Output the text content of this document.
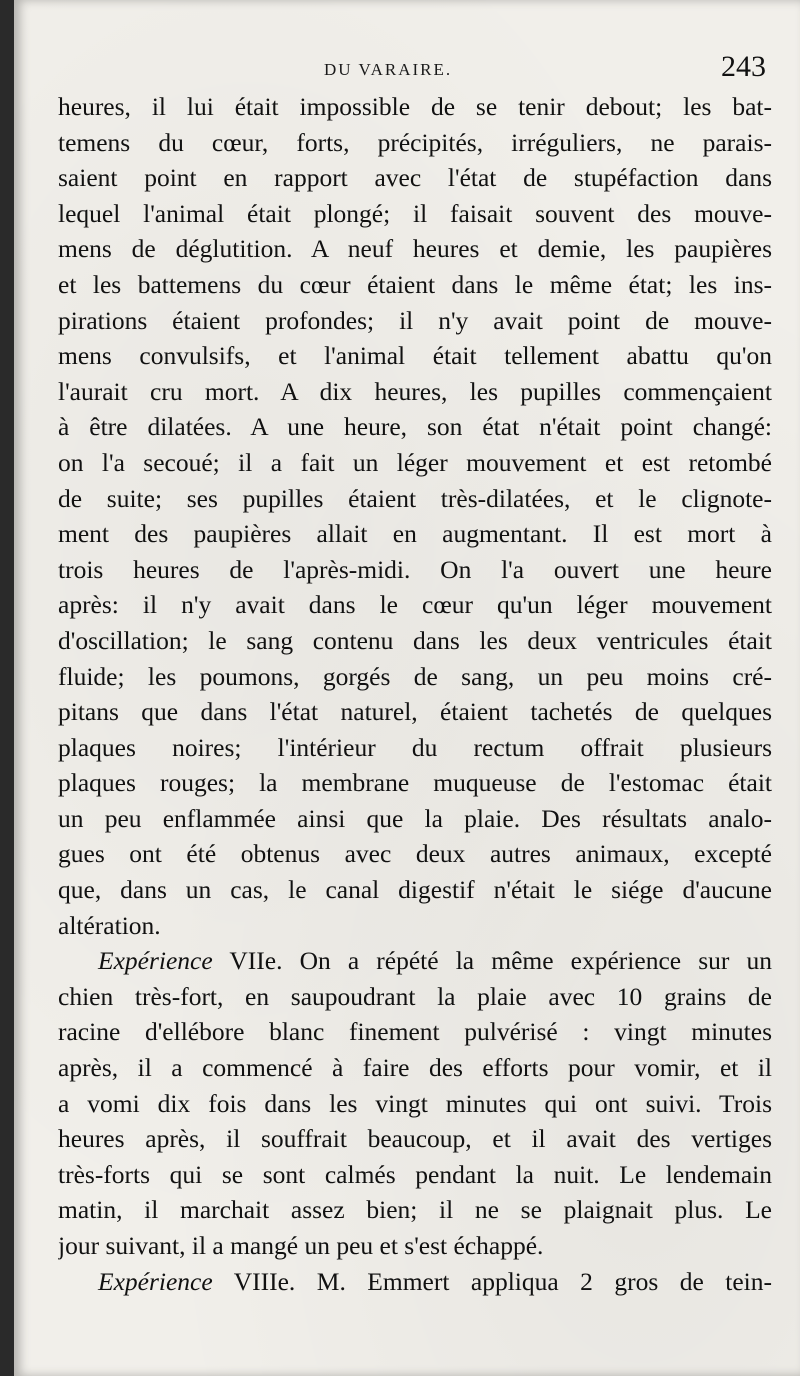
DU VARAIRE.	243
heures, il lui était impossible de se tenir debout; les bat-
temens du cœur, forts, précipités, irréguliers, ne parais-
saient point en rapport avec l'état de stupéfaction dans
lequel l'animal était plongé; il faisait souvent des mouve-
mens de déglutition. A neuf heures et demie, les paupières
et les battemens du cœur étaient dans le même état; les ins-
pirations étaient profondes; il n'y avait point de mouve-
mens convulsifs, et l'animal était tellement abattu qu'on
l'aurait cru mort. A dix heures, les pupilles commençaient
à être dilatées. A une heure, son état n'était point changé:
on l'a secoué; il a fait un léger mouvement et est retombé
de suite; ses pupilles étaient très-dilatées, et le clignote-
ment des paupières allait en augmentant. Il est mort à
trois heures de l'après-midi. On l'a ouvert une heure
après: il n'y avait dans le cœur qu'un léger mouvement
d'oscillation; le sang contenu dans les deux ventricules était
fluide; les poumons, gorgés de sang, un peu moins cré-
pitans que dans l'état naturel, étaient tachetés de quelques
plaques noires; l'intérieur du rectum offrait plusieurs
plaques rouges; la membrane muqueuse de l'estomac était
un peu enflammée ainsi que la plaie. Des résultats analo-
gues ont été obtenus avec deux autres animaux, excepté
que, dans un cas, le canal digestif n'était le siége d'aucune
altération.
Expérience VIIe. On a répété la même expérience sur un
chien très-fort, en saupoudrant la plaie avec 10 grains de
racine d'ellébore blanc finement pulvérisé : vingt minutes
après, il a commencé à faire des efforts pour vomir, et il
a vomi dix fois dans les vingt minutes qui ont suivi. Trois
heures après, il souffrait beaucoup, et il avait des vertiges
très-forts qui se sont calmés pendant la nuit. Le lendemain
matin, il marchait assez bien; il ne se plaignait plus. Le
jour suivant, il a mangé un peu et s'est échappé.
Expérience VIIIe. M. Emmert appliqua 2 gros de tein-
